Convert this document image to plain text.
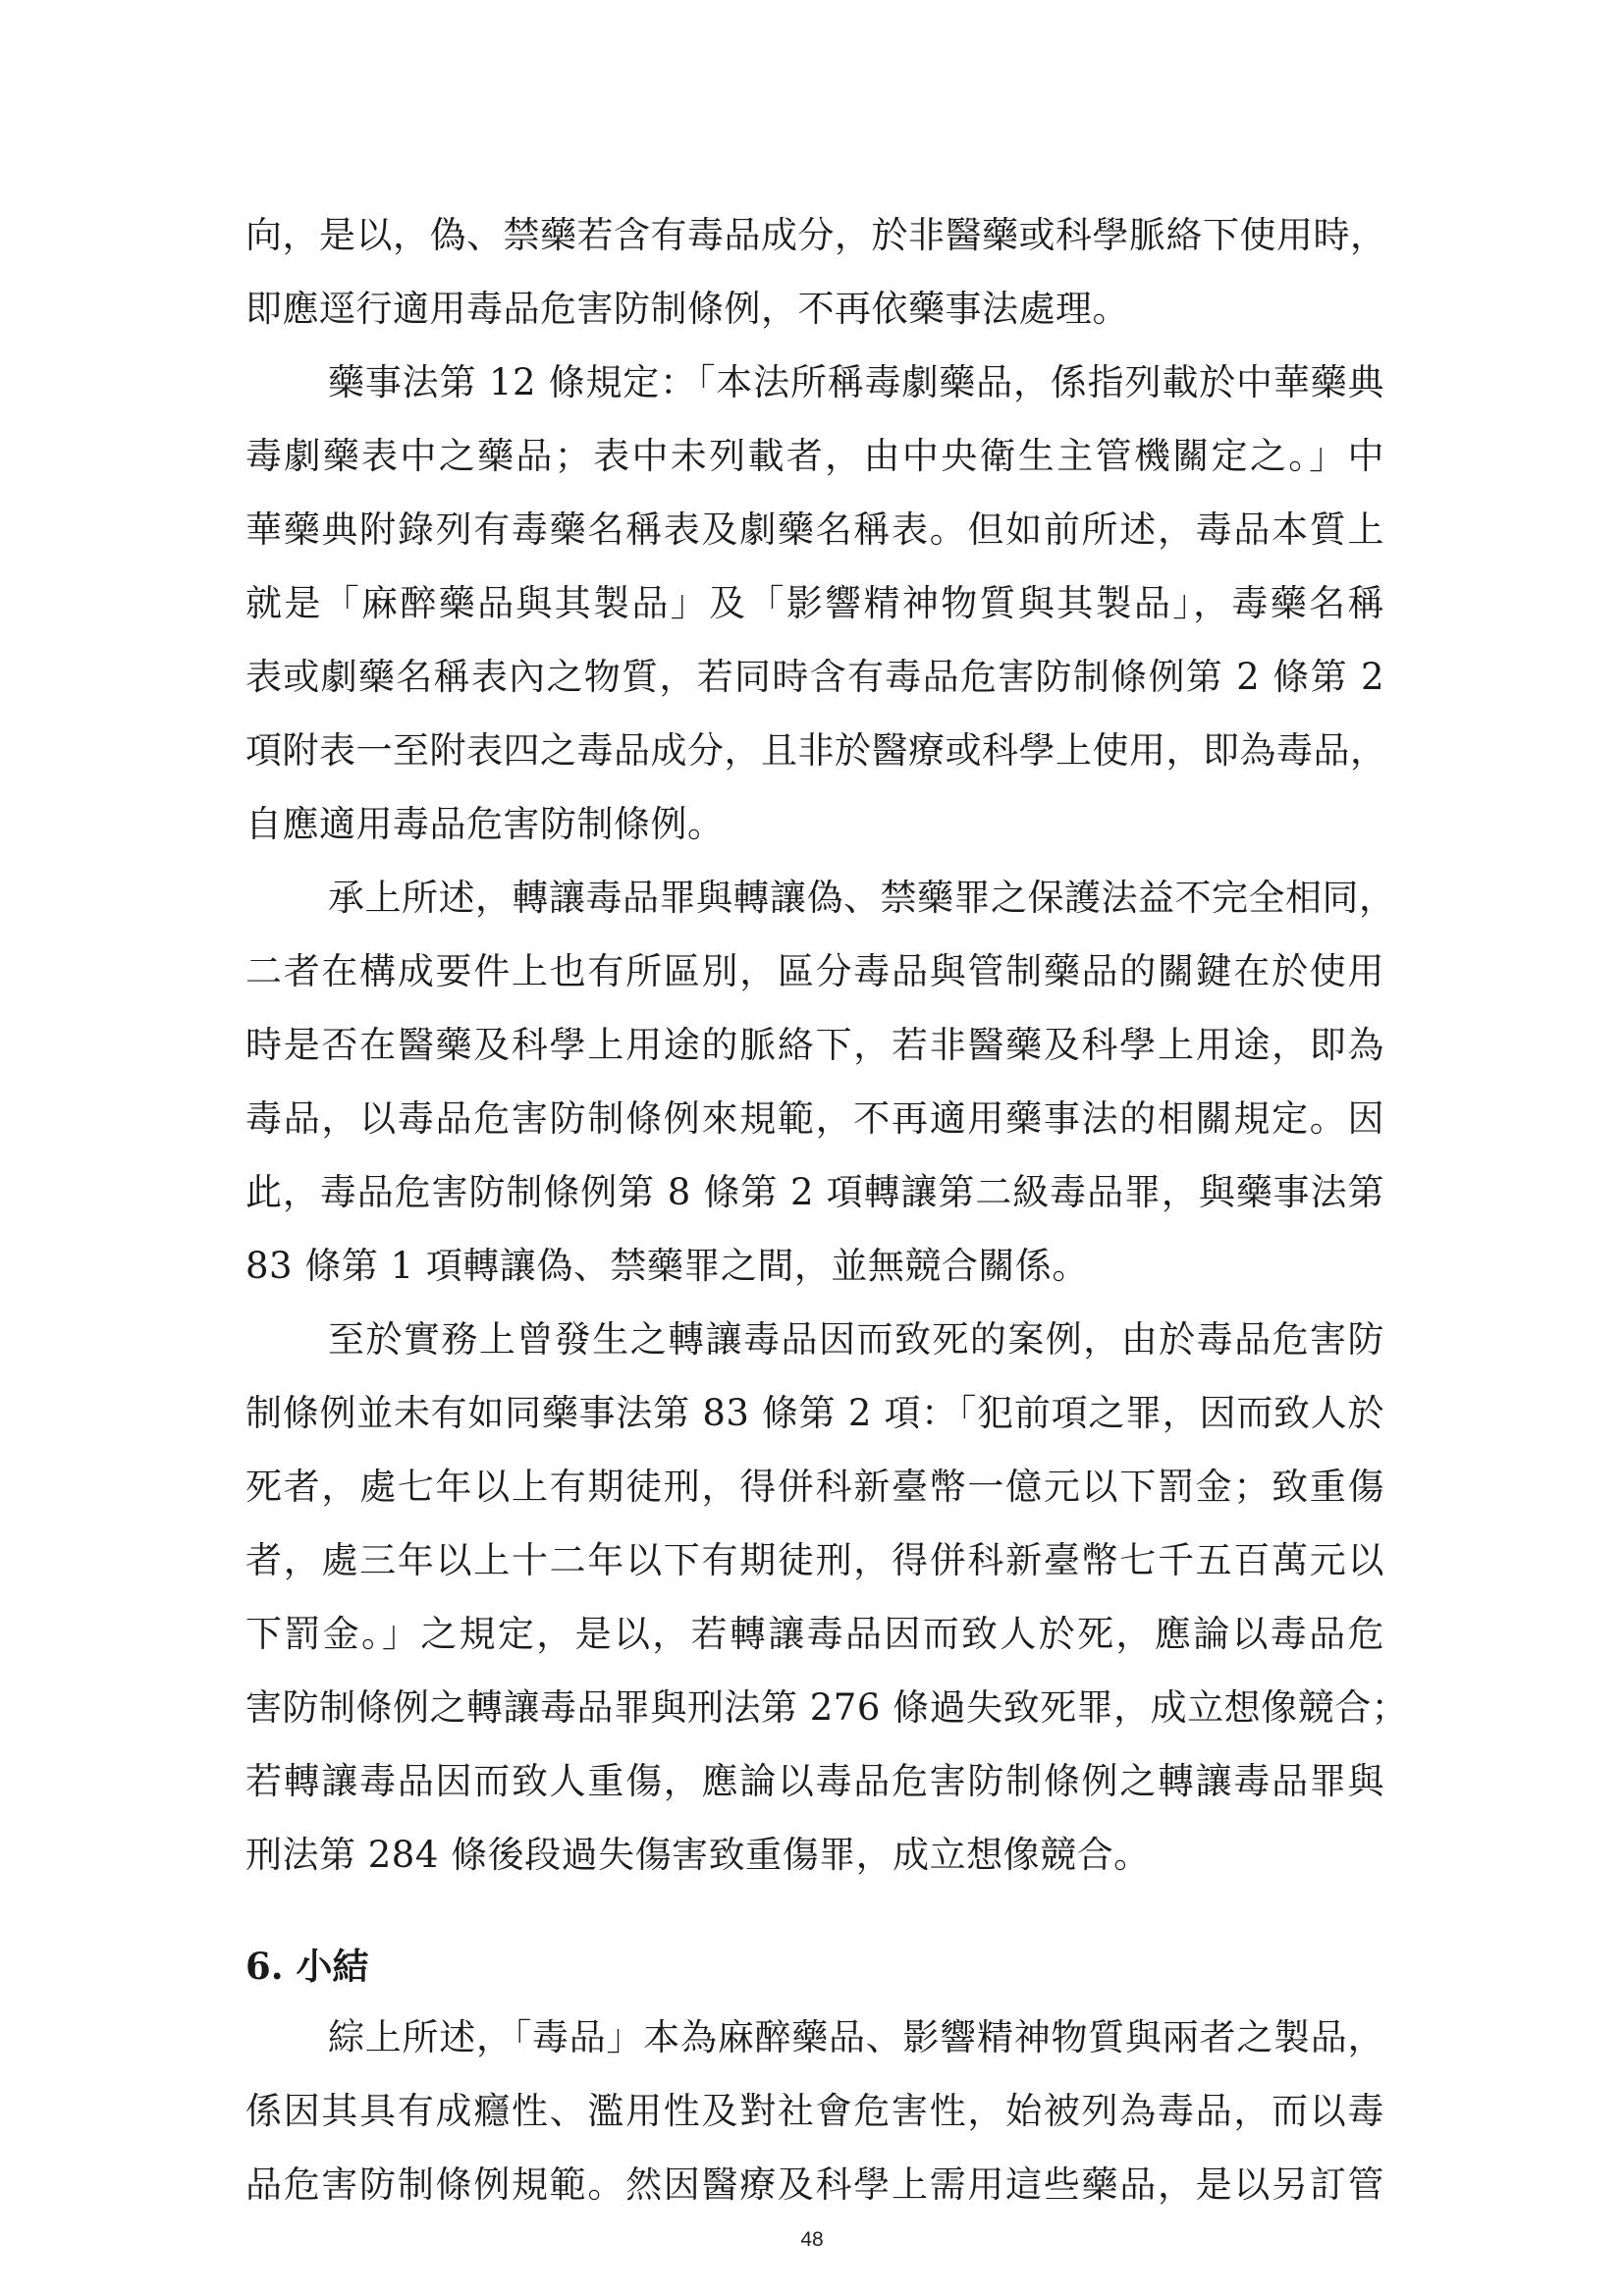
向，是以，偽、禁藥若含有毒品成分，於非醫藥或科學脈絡下使用時，
即應逕行適用毒品危害防制條例，不再依藥事法處理。
藥事法第 12 條規定：「本法所稱毒劇藥品，係指列載於中華藥典
毒劇藥表中之藥品；表中未列載者，由中央衛生主管機關定之。」中
華藥典附錄列有毒藥名稱表及劇藥名稱表。但如前所述，毒品本質上
就是「麻醉藥品與其製品」及「影響精神物質與其製品」，毒藥名稱
表或劇藥名稱表內之物質，若同時含有毒品危害防制條例第 2 條第 2
項附表一至附表四之毒品成分，且非於醫療或科學上使用，即為毒品，
自應適用毒品危害防制條例。
承上所述，轉讓毒品罪與轉讓偽、禁藥罪之保護法益不完全相同，
二者在構成要件上也有所區別，區分毒品與管制藥品的關鍵在於使用
時是否在醫藥及科學上用途的脈絡下，若非醫藥及科學上用途，即為
毒品，以毒品危害防制條例來規範，不再適用藥事法的相關規定。因
此，毒品危害防制條例第 8 條第 2 項轉讓第二級毒品罪，與藥事法第
83 條第 1 項轉讓偽、禁藥罪之間，並無競合關係。
至於實務上曾發生之轉讓毒品因而致死的案例，由於毒品危害防
制條例並未有如同藥事法第 83 條第 2 項：「犯前項之罪，因而致人於
死者，處七年以上有期徒刑，得併科新臺幣一億元以下罰金；致重傷
者，處三年以上十二年以下有期徒刑，得併科新臺幣七千五百萬元以
下罰金。」之規定，是以，若轉讓毒品因而致人於死，應論以毒品危
害防制條例之轉讓毒品罪與刑法第 276 條過失致死罪，成立想像競合；
若轉讓毒品因而致人重傷，應論以毒品危害防制條例之轉讓毒品罪與
刑法第 284 條後段過失傷害致重傷罪，成立想像競合。
6. 小結
綜上所述，「毒品」本為麻醉藥品、影響精神物質與兩者之製品，
係因其具有成癮性、濫用性及對社會危害性，始被列為毒品，而以毒
品危害防制條例規範。然因醫療及科學上需用這些藥品，是以另訂管
48
